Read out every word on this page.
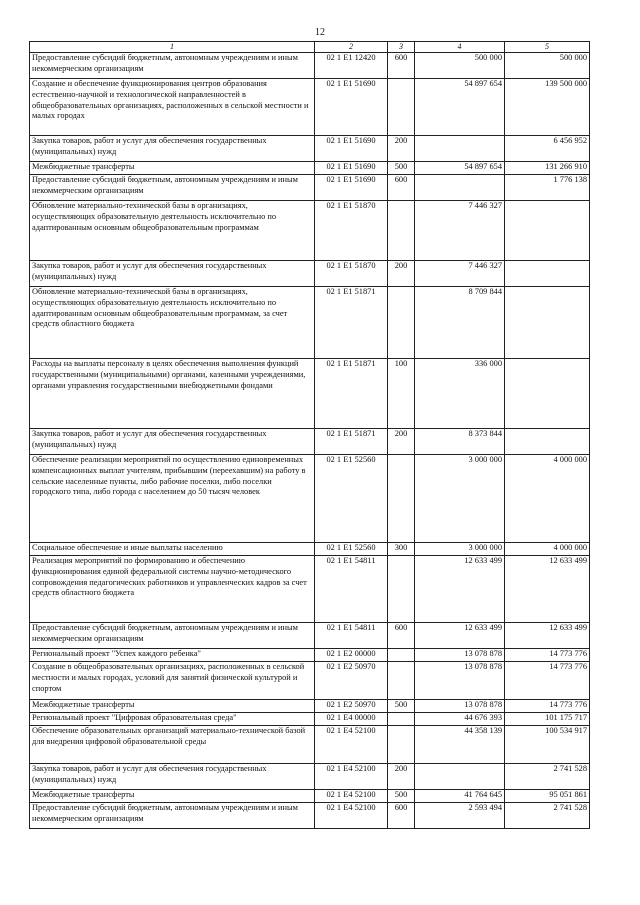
12
1	2	3	4	5
Предоставление субсидий бюджетным, автономным учреждениям и иным некоммерческим организациям	02 1 E1 12420	600	500 000	500 000
Создание и обеспечение функционирования центров образования естественно-научной и технологической направленностей в общеобразовательных организациях, расположенных в сельской местности и малых городах	02 1 E1 51690		54 897 654	139 500 000
Закупка товаров, работ и услуг для обеспечения государственных (муниципальных) нужд	02 1 E1 51690	200		6 456 952
Межбюджетные трансферты	02 1 E1 51690	500	54 897 654	131 266 910
Предоставление субсидий бюджетным, автономным учреждениям и иным некоммерческим организациям	02 1 E1 51690	600		1 776 138
Обновление материально-технической базы в организациях, осуществляющих образовательную деятельность исключительно по адаптированным основным общеобразовательным программам	02 1 E1 51870		7 446 327	
Закупка товаров, работ и услуг для обеспечения государственных (муниципальных) нужд	02 1 E1 51870	200	7 446 327	
Обновление материально-технической базы в организациях, осуществляющих образовательную деятельность исключительно по адаптированным основным общеобразовательным программам, за счет средств областного бюджета	02 1 E1 51871		8 709 844	
Расходы на выплаты персоналу в целях обеспечения выполнения функций государственными (муниципальными) органами, казенными учреждениями, органами управления государственными внебюджетными фондами	02 1 E1 51871	100	336 000	
Закупка товаров, работ и услуг для обеспечения государственных (муниципальных) нужд	02 1 E1 51871	200	8 373 844	
Обеспечение реализации мероприятий по осуществлению единовременных компенсационных выплат учителям, прибывшим (переехавшим) на работу в сельские населенные пункты, либо рабочие поселки, либо поселки городского типа, либо города с населением до 50 тысяч человек	02 1 E1 52560		3 000 000	4 000 000
Социальное обеспечение и иные выплаты населению	02 1 E1 52560	300	3 000 000	4 000 000
Реализация мероприятий по формированию и обеспечению функционирования единой федеральной системы научно-методического сопровождения педагогических работников и управленческих кадров за счет средств областного бюджета	02 1 E1 54811		12 633 499	12 633 499
Предоставление субсидий бюджетным, автономным учреждениям и иным некоммерческим организациям	02 1 E1 54811	600	12 633 499	12 633 499
Региональный проект "Успех каждого ребенка"	02 1 E2 00000		13 078 878	14 773 776
Создание в общеобразовательных организациях, расположенных в сельской местности и малых городах, условий для занятий физической культурой и спортом	02 1 E2 50970		13 078 878	14 773 776
Межбюджетные трансферты	02 1 E2 50970	500	13 078 878	14 773 776
Региональный проект "Цифровая образовательная среда"	02 1 E4 00000		44 676 393	101 175 717
Обеспечение образовательных организаций материально-технической базой для внедрения цифровой образовательной среды	02 1 E4 52100		44 358 139	100 534 917
Закупка товаров, работ и услуг для обеспечения государственных (муниципальных) нужд	02 1 E4 52100	200		2 741 528
Межбюджетные трансферты	02 1 E4 52100	500	41 764 645	95 051 861
Предоставление субсидий бюджетным, автономным учреждениям и иным некоммерческим организациям	02 1 E4 52100	600	2 593 494	2 741 528
